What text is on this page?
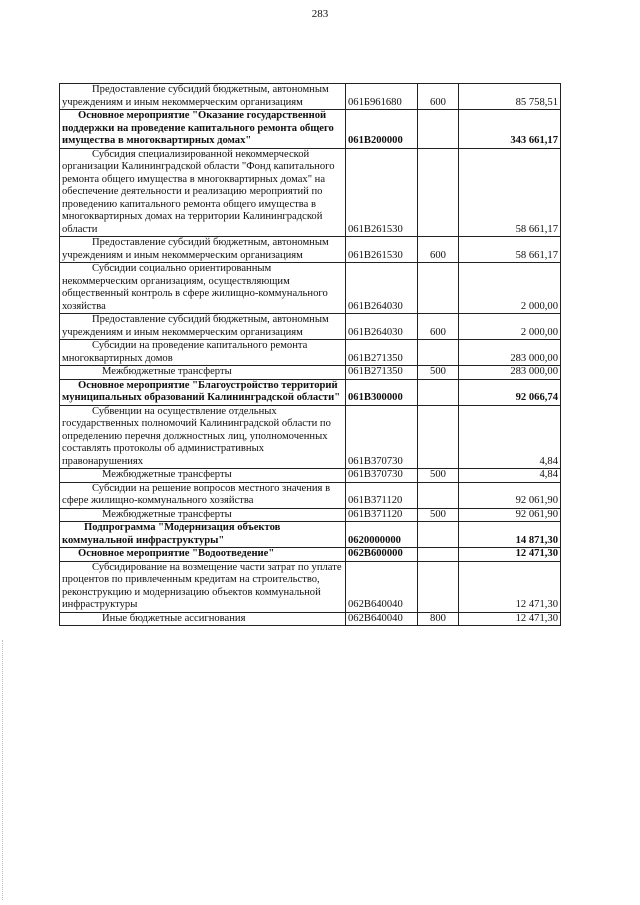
283
Предоставление субсидий бюджетным, автономным учреждениям и иным некоммерческим организациям	061Б961680	600	85 758,51
Основное мероприятие "Оказание государственной поддержки на проведение капитального ремонта общего имущества в многоквартирных домах"	061В200000		343 661,17
Субсидия специализированной некоммерческой организации Калининградской области "Фонд капитального ремонта общего имущества в многоквартирных домах" на обеспечение деятельности и реализацию мероприятий по проведению капитального ремонта общего имущества в многоквартирных домах на территории Калининградской области	061В261530		58 661,17
Предоставление субсидий бюджетным, автономным учреждениям и иным некоммерческим организациям	061В261530	600	58 661,17
Субсидии социально ориентированным некоммерческим организациям, осуществляющим общественный контроль в сфере жилищно-коммунального хозяйства	061В264030		2 000,00
Предоставление субсидий бюджетным, автономным учреждениям и иным некоммерческим организациям	061В264030	600	2 000,00
Субсидии на проведение капитального ремонта многоквартирных домов	061В271350		283 000,00
Межбюджетные трансферты	061В271350	500	283 000,00
Основное мероприятие "Благоустройство территорий муниципальных образований Калининградской области"	061В300000		92 066,74
Субвенции на осуществление отдельных государственных полномочий Калининградской области по определению перечня должностных лиц, уполномоченных составлять протоколы об административных правонарушениях	061В370730		4,84
Межбюджетные трансферты	061В370730	500	4,84
Субсидии на решение вопросов местного значения в сфере жилищно-коммунального хозяйства	061В371120		92 061,90
Межбюджетные трансферты	061В371120	500	92 061,90
Подпрограмма "Модернизация объектов коммунальной инфраструктуры"	0620000000		14 871,30
Основное мероприятие "Водоотведение"	062В600000		12 471,30
Субсидирование на возмещение части затрат по уплате процентов по привлеченным кредитам на строительство, реконструкцию и модернизацию объектов коммунальной инфраструктуры	062В640040		12 471,30
Иные бюджетные ассигнования	062В640040	800	12 471,30
